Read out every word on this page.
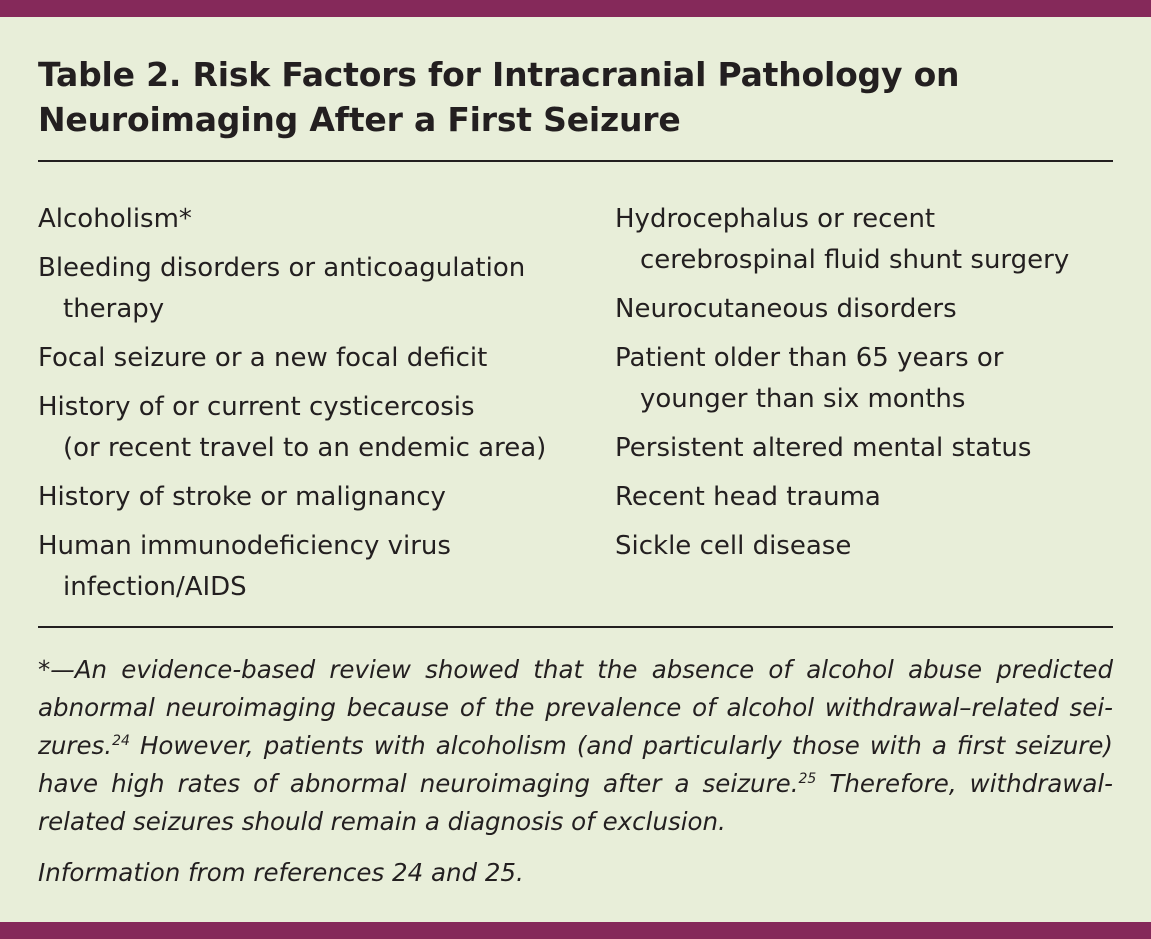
Table 2. Risk Factors for Intracranial Pathology on
Neuroimaging After a First Seizure
Alcoholism*
Bleeding disorders or anticoagulation
therapy
Focal seizure or a new focal deficit
History of or current cysticercosis
(or recent travel to an endemic area)
History of stroke or malignancy
Human immunodeficiency virus
infection/AIDS
Hydrocephalus or recent
cerebrospinal fluid shunt surgery
Neurocutaneous disorders
Patient older than 65 years or
younger than six months
Persistent altered mental status
Recent head trauma
Sickle cell disease

*—An evidence-based review showed that the absence of alcohol abuse predicted abnormal neuroimaging because of the prevalence of alcohol withdrawal–related sei-zures.$^{24}$ However, patients with alcoholism (and particularly those with a first seizure) have high rates of abnormal neuroimaging after a seizure.$^{25}$ Therefore, withdrawal-related seizures should remain a diagnosis of exclusion.

Information from references 24 and 25.
